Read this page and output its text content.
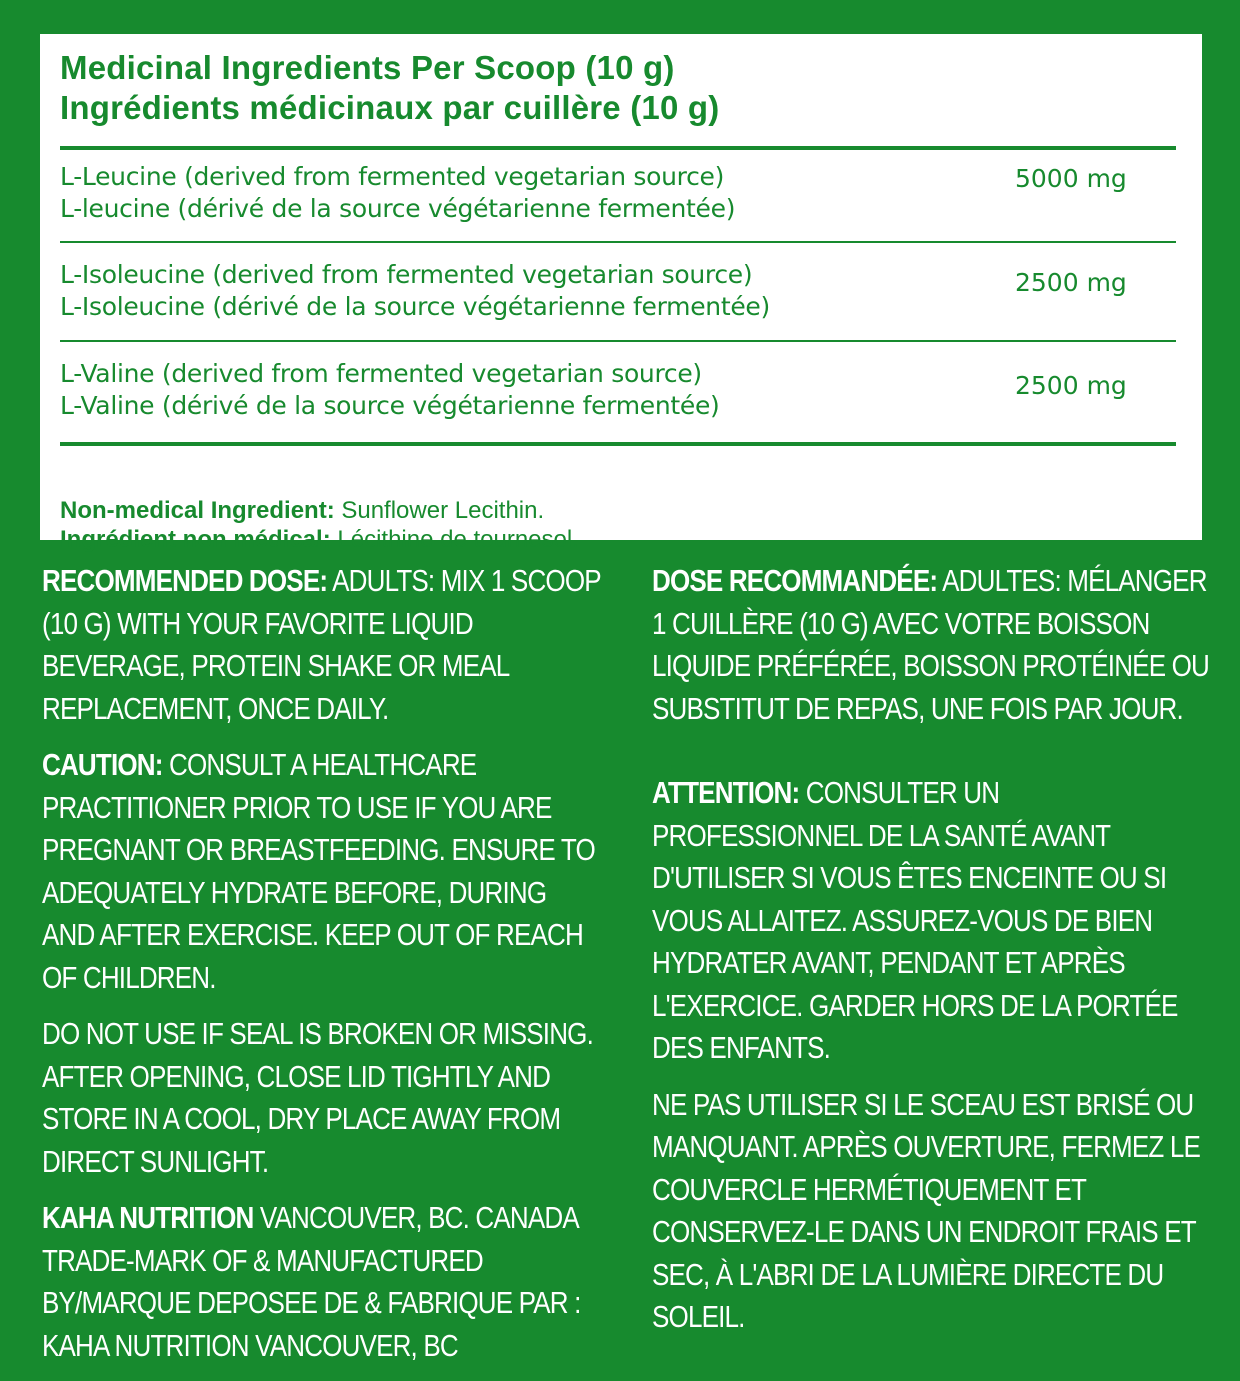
Medicinal Ingredients Per Scoop (10 g)
Ingrédients médicinaux par cuillère (10 g)
L-Leucine (derived from fermented vegetarian source)
L-leucine (dérivé de la source végétarienne fermentée)
5000 mg
L-Isoleucine (derived from fermented vegetarian source)
L-Isoleucine (dérivé de la source végétarienne fermentée)
2500 mg
L-Valine (derived from fermented vegetarian source)
L-Valine (dérivé de la source végétarienne fermentée)
2500 mg
Non-medical Ingredient: Sunflower Lecithin.
Ingrédient non médical: Lécithine de tournesol.

RECOMMENDED DOSE: ADULTS: MIX 1 SCOOP (10 G) WITH YOUR FAVORITE LIQUID BEVERAGE, PROTEIN SHAKE OR MEAL REPLACEMENT, ONCE DAILY.

CAUTION: CONSULT A HEALTHCARE PRACTITIONER PRIOR TO USE IF YOU ARE PREGNANT OR BREASTFEEDING. ENSURE TO ADEQUATELY HYDRATE BEFORE, DURING AND AFTER EXERCISE. KEEP OUT OF REACH OF CHILDREN.

DO NOT USE IF SEAL IS BROKEN OR MISSING. AFTER OPENING, CLOSE LID TIGHTLY AND STORE IN A COOL, DRY PLACE AWAY FROM DIRECT SUNLIGHT.

KAHA NUTRITION VANCOUVER, BC. CANADA TRADE-MARK OF & MANUFACTURED BY/MARQUE DEPOSEE DE & FABRIQUE PAR : KAHA NUTRITION VANCOUVER, BC

DOSE RECOMMANDÉE: ADULTES: MÉLANGER 1 CUILLÈRE (10 G) AVEC VOTRE BOISSON LIQUIDE PRÉFÉRÉE, BOISSON PROTÉINÉE OU SUBSTITUT DE REPAS, UNE FOIS PAR JOUR.

ATTENTION: CONSULTER UN PROFESSIONNEL DE LA SANTÉ AVANT D'UTILISER SI VOUS ÊTES ENCEINTE OU SI VOUS ALLAITEZ. ASSUREZ-VOUS DE BIEN HYDRATER AVANT, PENDANT ET APRÈS L'EXERCICE. GARDER HORS DE LA PORTÉE DES ENFANTS.

NE PAS UTILISER SI LE SCEAU EST BRISÉ OU MANQUANT. APRÈS OUVERTURE, FERMEZ LE COUVERCLE HERMÉTIQUEMENT ET CONSERVEZ-LE DANS UN ENDROIT FRAIS ET SEC, À L'ABRI DE LA LUMIÈRE DIRECTE DU SOLEIL.
